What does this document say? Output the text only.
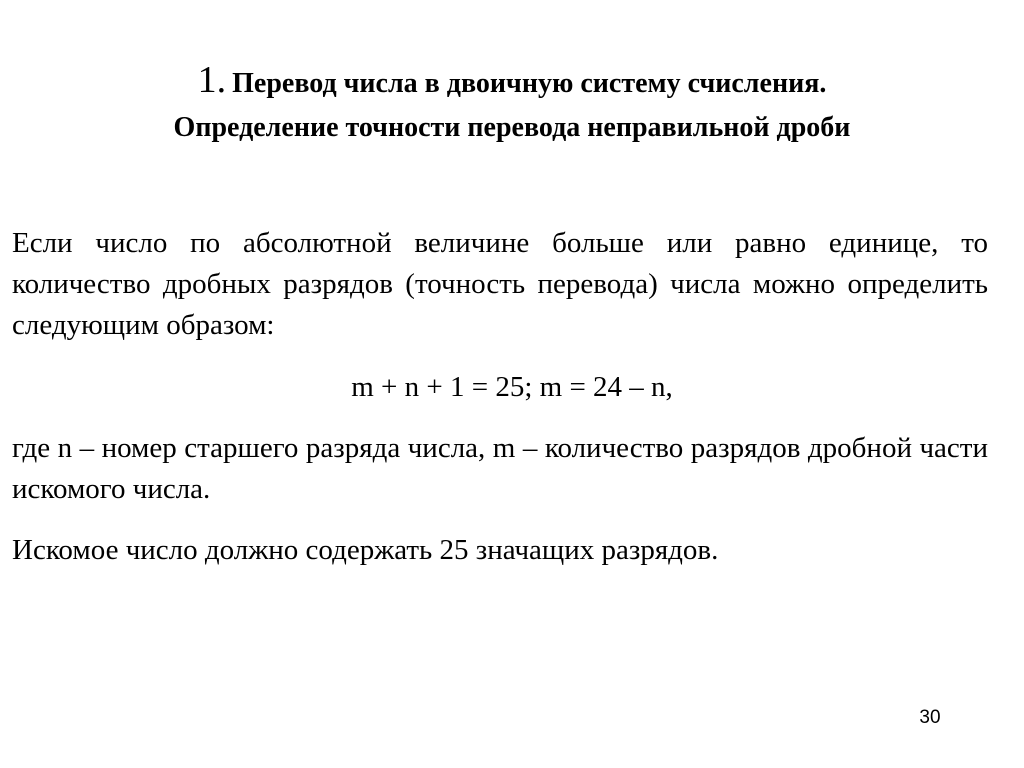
1. Перевод числа в двоичную систему счисления.
Определение точности перевода неправильной дроби
Если число по абсолютной величине больше или равно единице, то количество дробных разрядов (точность перевода) числа можно определить следующим образом:
m + n + 1 = 25; m = 24 – n,
где n – номер старшего разряда числа, m – количество разрядов дробной части искомого числа.
Искомое число должно содержать 25 значащих разрядов.
30
